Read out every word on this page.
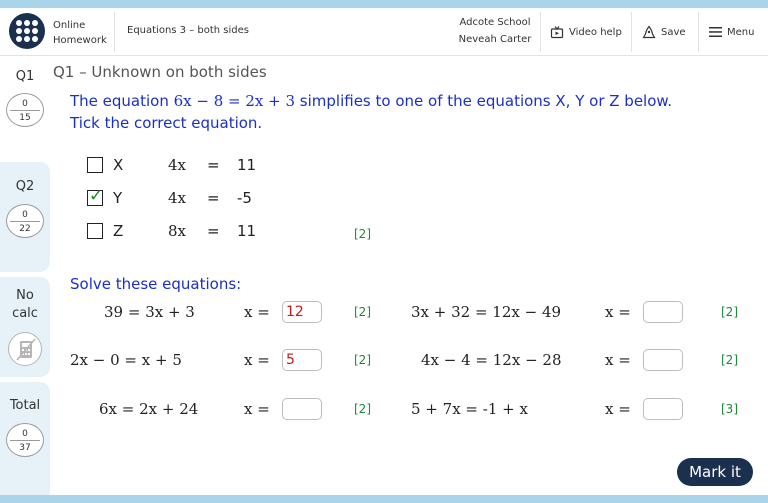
Online
Homework
Equations 3 – both sides
Adcote School
Neveah Carter
Video help	Save	Menu
Q1
0
15
Q2
0
22
No
calc
Total
0
37
Q1 – Unknown on both sides
The equation 6x − 8 = 2x + 3 simplifies to one of the equations X, Y or Z below.
Tick the correct equation.
X	4x = 11
✓ Y	4x = -5
Z	8x = 11	[2]
Solve these equations:
39 = 3x + 3	x = 12	[2]	3x + 32 = 12x − 49	x =	[2]
2x − 0 = x + 5	x = 5	[2]	4x − 4 = 12x − 28	x =	[2]
6x = 2x + 24	x =	[2]	5 + 7x = -1 + x	x =	[3]
Mark it
